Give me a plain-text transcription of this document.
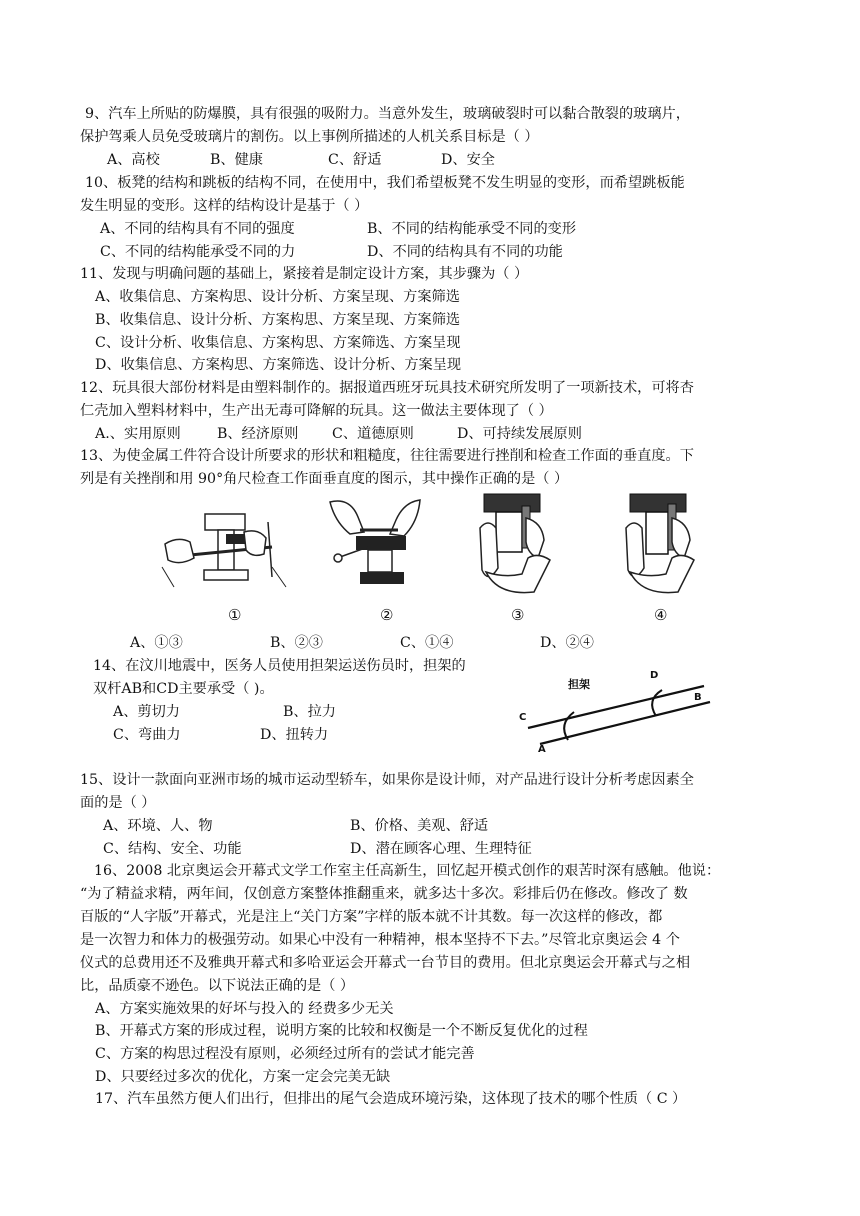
9、汽车上所贴的防爆膜，具有很强的吸附力。当意外发生，玻璃破裂时可以黏合散裂的玻璃片，
保护驾乘人员免受玻璃片的割伤。以上事例所描述的人机关系目标是（ ）
A、高校	B、健康	C、舒适	D、安全
10、板凳的结构和跳板的结构不同，在使用中，我们希望板凳不发生明显的变形，而希望跳板能
发生明显的变形。这样的结构设计是基于（ ）
A、不同的结构具有不同的强度	B、不同的结构能承受不同的变形
C、不同的结构能承受不同的力	D、不同的结构具有不同的功能
11、发现与明确问题的基础上，紧接着是制定设计方案，其步骤为（ ）
A、收集信息、方案构思、设计分析、方案呈现、方案筛选
B、收集信息、设计分析、方案构思、方案呈现、方案筛选
C、设计分析、收集信息、方案构思、方案筛选、方案呈现
D、收集信息、方案构思、方案筛选、设计分析、方案呈现
12、玩具很大部份材料是由塑料制作的。据报道西班牙玩具技术研究所发明了一项新技术，可将杏
仁壳加入塑料材料中，生产出无毒可降解的玩具。这一做法主要体现了（ ）
A.、实用原则	B、经济原则 C、道德原则	D、可持续发展原则
13、为使金属工件符合设计所要求的形状和粗糙度，往往需要进行挫削和检查工作面的垂直度。下
列是有关挫削和用 90°角尺检查工作面垂直度的图示，其中操作正确的是（ ）
①	②	③	④
A、①③	B、②③	C、①④	D、②④
14、在汶川地震中，医务人员使用担架运送伤员时，担架的
双杆AB和CD主要承受（ )。
A、剪切力	B、拉力
C、弯曲力	D、扭转力
担架
A
B
C
D
15、设计一款面向亚洲市场的城市运动型轿车，如果你是设计师，对产品进行设计分析考虑因素全
面的是（ ）
A、环境、人、物	B、价格、美观、舒适
C、结构、安全、功能	D、潜在顾客心理、生理特征
16、2008 北京奥运会开幕式文学工作室主任高新生，回忆起开模式创作的艰苦时深有感触。他说：
“为了精益求精，两年间，仅创意方案整体推翻重来，就多达十多次。彩排后仍在修改。修改了 数
百版的“人字版”开幕式，光是注上“关门方案”字样的版本就不计其数。每一次这样的修改，都
是一次智力和体力的极强劳动。如果心中没有一种精神，根本坚持不下去。”尽管北京奥运会 4 个
仪式的总费用还不及雅典开幕式和多哈亚运会开幕式一台节目的费用。但北京奥运会开幕式与之相
比，品质豪不逊色。以下说法正确的是（ ）
A、方案实施效果的好坏与投入的 经费多少无关
B、开幕式方案的形成过程，说明方案的比较和权衡是一个不断反复优化的过程
C、方案的构思过程没有原则，必须经过所有的尝试才能完善
D、只要经过多次的优化，方案一定会完美无缺
17、汽车虽然方便人们出行，但排出的尾气会造成环境污染，这体现了技术的哪个性质（ C ）
